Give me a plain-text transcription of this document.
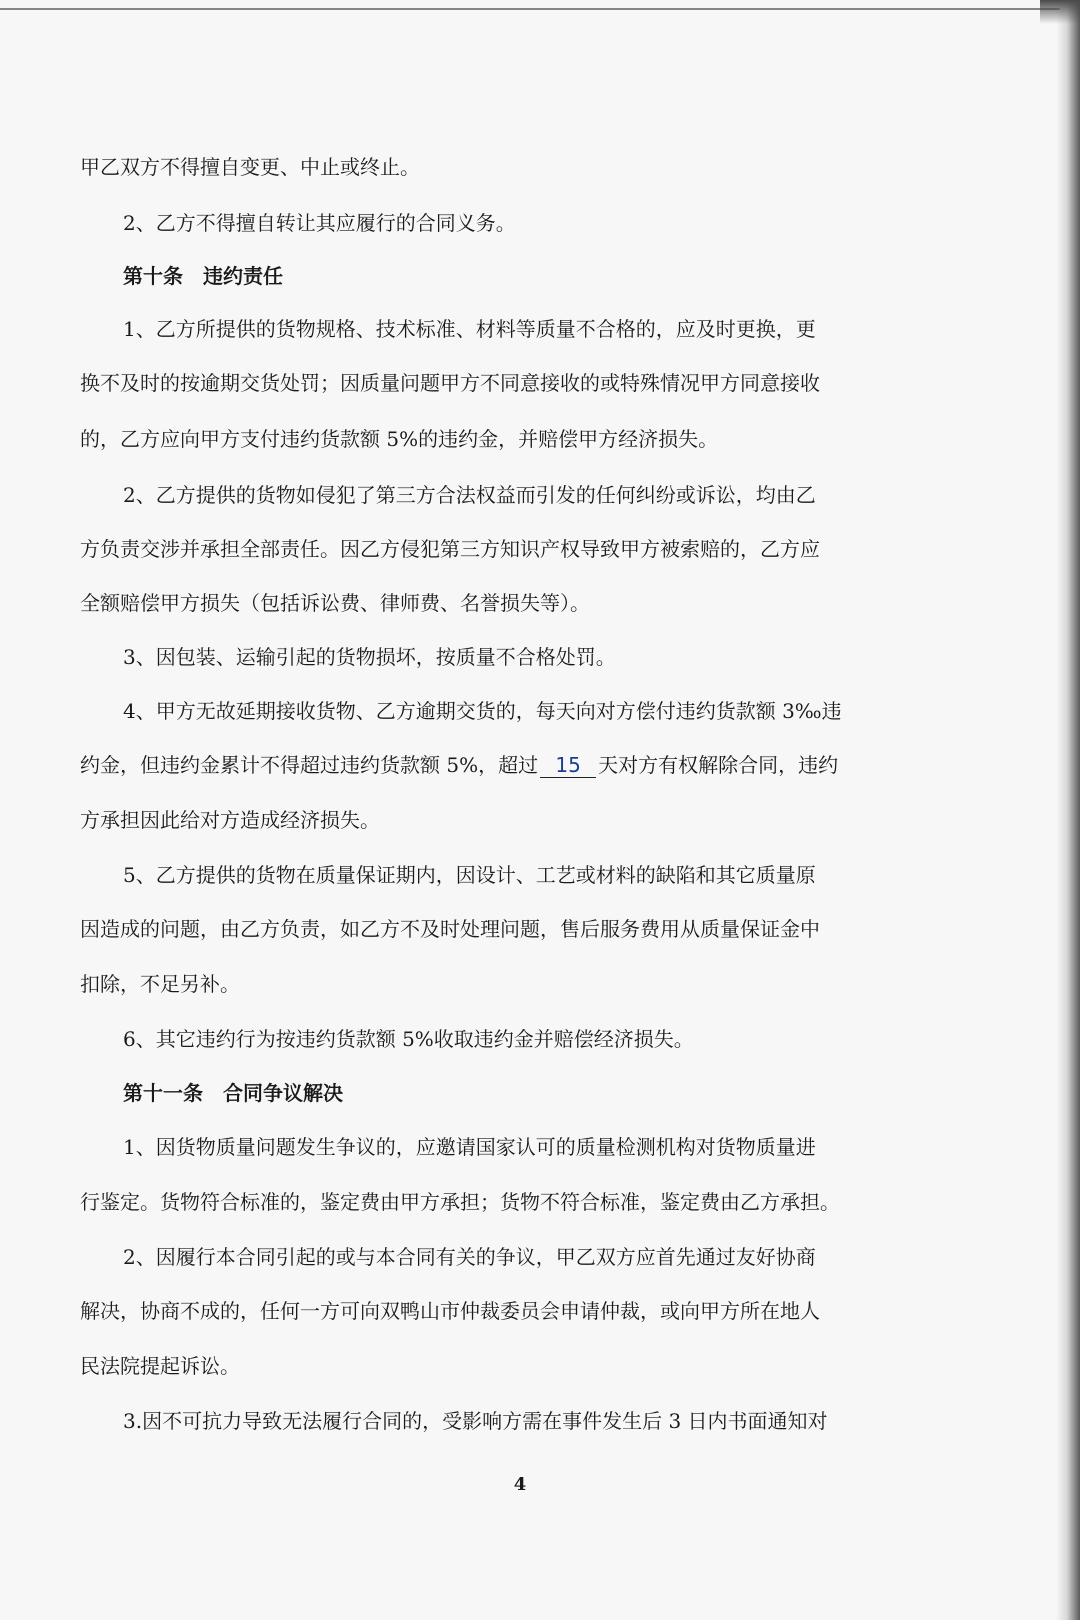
甲乙双方不得擅自变更、中止或终止。
2、乙方不得擅自转让其应履行的合同义务。
第十条　违约责任
1、乙方所提供的货物规格、技术标准、材料等质量不合格的，应及时更换，更
换不及时的按逾期交货处罚；因质量问题甲方不同意接收的或特殊情况甲方同意接收
的，乙方应向甲方支付违约货款额 5%的违约金，并赔偿甲方经济损失。
2、乙方提供的货物如侵犯了第三方合法权益而引发的任何纠纷或诉讼，均由乙
方负责交涉并承担全部责任。因乙方侵犯第三方知识产权导致甲方被索赔的，乙方应
全额赔偿甲方损失（包括诉讼费、律师费、名誉损失等）。
3、因包装、运输引起的货物损坏，按质量不合格处罚。
4、甲方无故延期接收货物、乙方逾期交货的，每天向对方偿付违约货款额 3‰违
约金，但违约金累计不得超过违约货款额 5%，超过 15 天对方有权解除合同，违约
方承担因此给对方造成经济损失。
5、乙方提供的货物在质量保证期内，因设计、工艺或材料的缺陷和其它质量原
因造成的问题，由乙方负责，如乙方不及时处理问题，售后服务费用从质量保证金中
扣除，不足另补。
6、其它违约行为按违约货款额 5%收取违约金并赔偿经济损失。
第十一条　合同争议解决
1、因货物质量问题发生争议的，应邀请国家认可的质量检测机构对货物质量进
行鉴定。货物符合标准的，鉴定费由甲方承担；货物不符合标准，鉴定费由乙方承担。
2、因履行本合同引起的或与本合同有关的争议，甲乙双方应首先通过友好协商
解决，协商不成的，任何一方可向双鸭山市仲裁委员会申请仲裁，或向甲方所在地人
民法院提起诉讼。
3.因不可抗力导致无法履行合同的，受影响方需在事件发生后 3 日内书面通知对
4
